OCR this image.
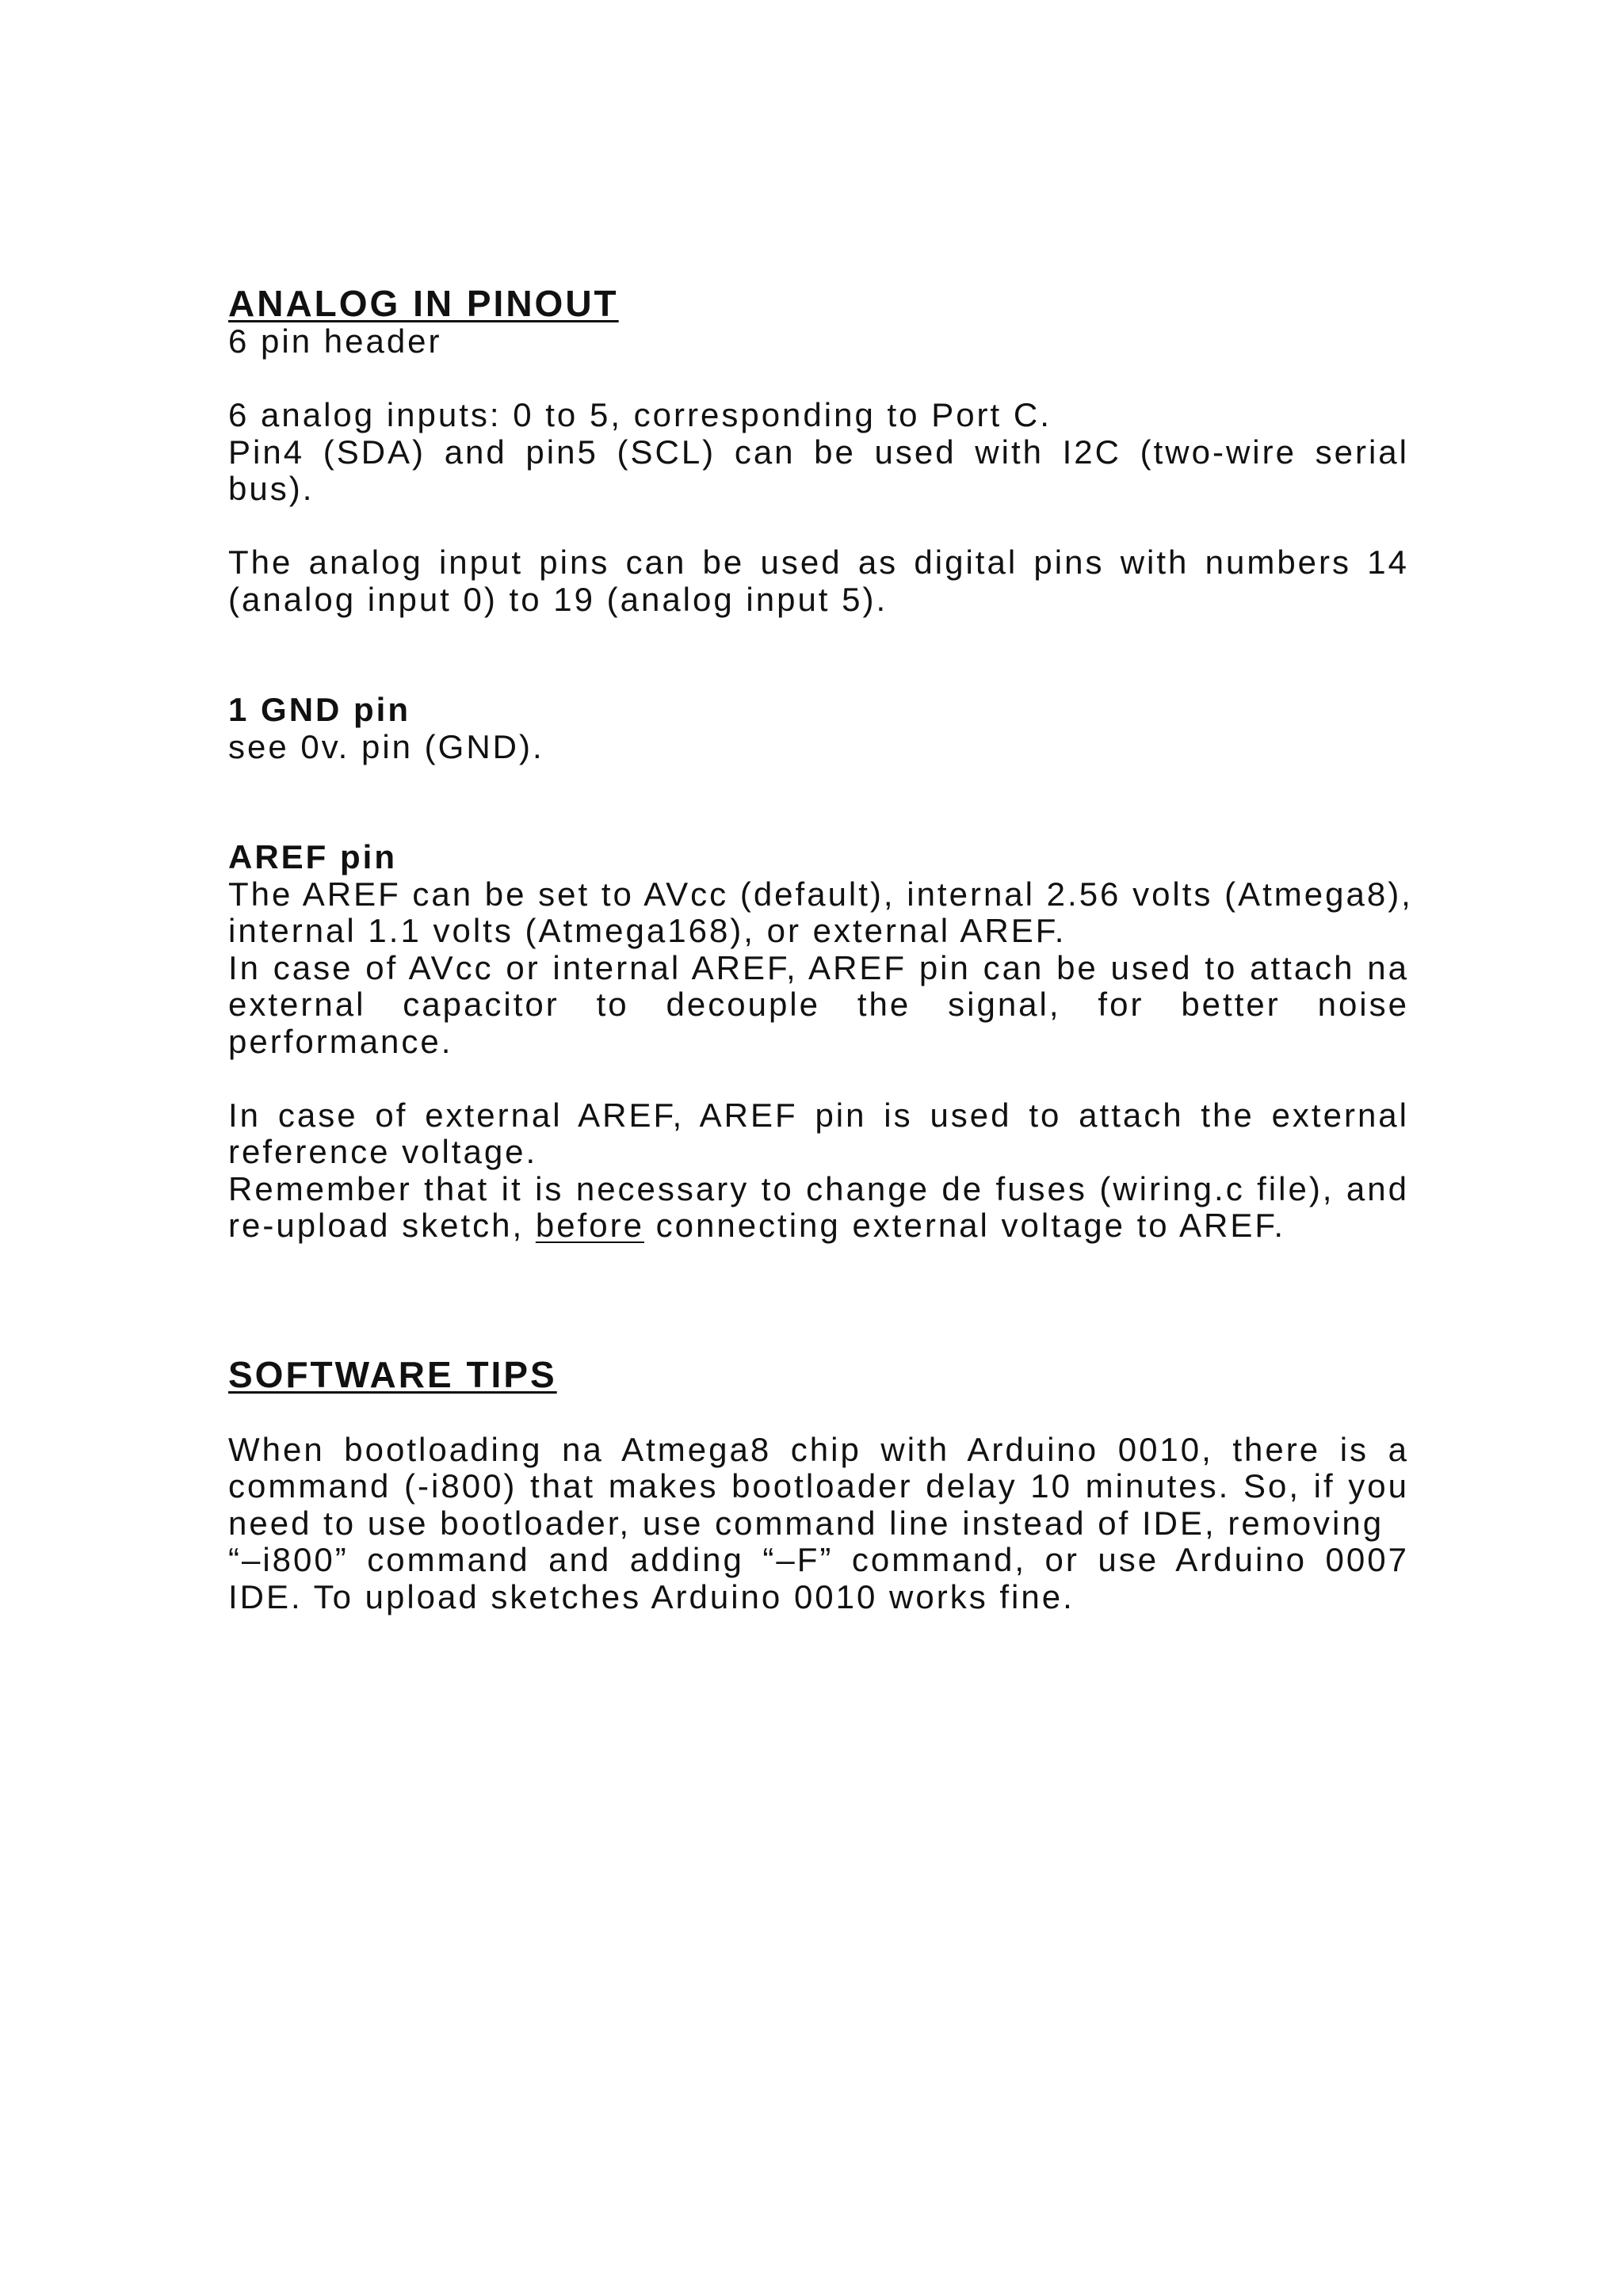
ANALOG IN PINOUT

6 pin header

6 analog inputs: 0 to 5, corresponding to Port C.

Pin4 (SDA) and pin5 (SCL) can be used with I2C (two-wire serial

bus).

The analog input pins can be used as digital pins with numbers 14

(analog input 0) to 19 (analog input 5).

1 GND pin

see 0v. pin (GND).

AREF pin

The AREF can be set to AVcc (default), internal 2.56 volts (Atmega8),

internal 1.1 volts (Atmega168), or external AREF.

In case of AVcc or internal AREF, AREF pin can be used to attach na

external capacitor to decouple the signal, for better noise

performance.

In case of external AREF, AREF pin is used to attach the external

reference voltage.

Remember that it is necessary to change de fuses (wiring.c file), and

re-upload sketch, before connecting external voltage to AREF.

SOFTWARE TIPS

When bootloading na Atmega8 chip with Arduino 0010, there is a

command (-i800) that makes bootloader delay 10 minutes. So, if you

need to use bootloader, use command line instead of IDE, removing

“–i800” command and adding “–F” command, or use Arduino 0007

IDE. To upload sketches Arduino 0010 works fine.
